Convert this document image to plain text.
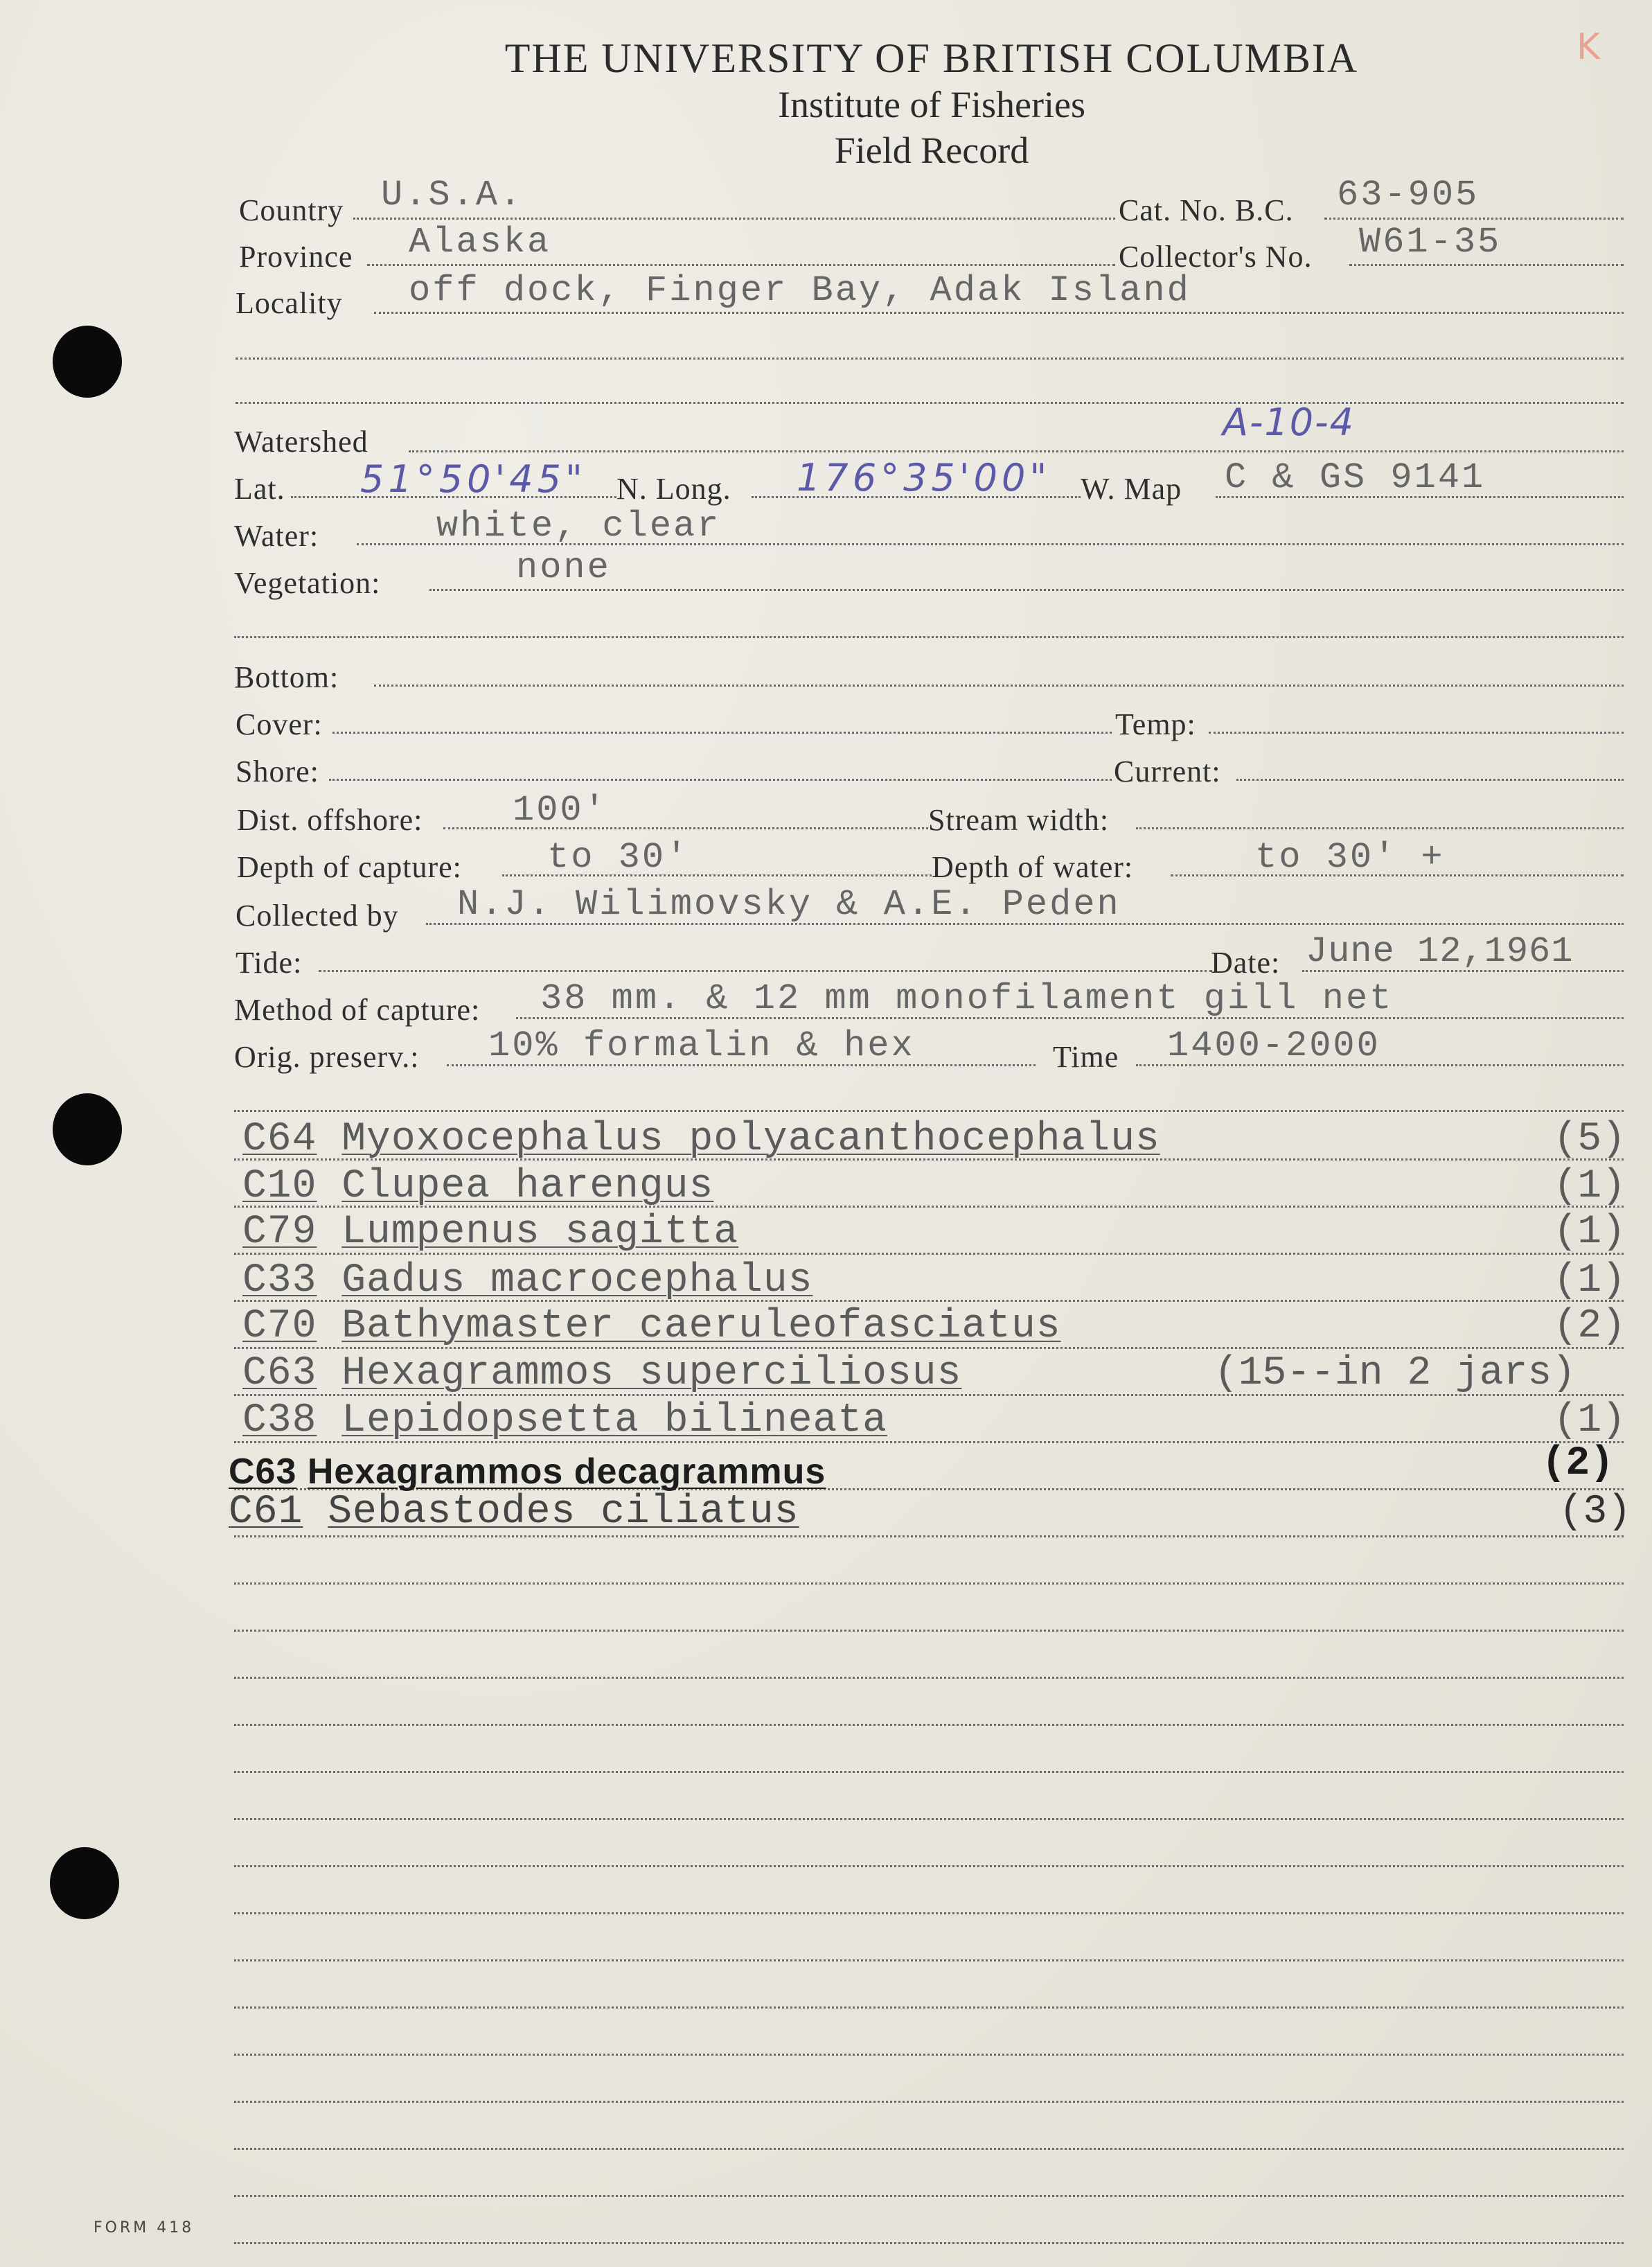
K
THE UNIVERSITY OF BRITISH COLUMBIA
Institute of Fisheries
Field Record
Country U.S.A.	Cat. No. B.C. 63-905
Province Alaska	Collector's No. W61-35
Locality off dock, Finger Bay, Adak Island
Watershed	A-10-4
Lat. 51°50'45" N. Long. 176°35'00" W. Map C & GS 9141
Water:	white, clear
Vegetation:	none
Bottom:
Cover:	Temp:
Shore:	Current:
Dist. offshore: 100'	Stream width:
Depth of capture: to 30'	Depth of water:	to 30' +
Collected by N.J. Wilimovsky & A.E. Peden
Tide:	Date: June 12,1961
Method of capture: 38 mm. & 12 mm monofilament gill net
Orig. preserv.: 10% formalin & hex	Time 1400-2000
C64 Myoxocephalus polyacanthocephalus	(5)
C10 Clupea harengus	(1)
C79 Lumpenus sagitta	(1)
C33 Gadus macrocephalus	(1)
C70 Bathymaster caeruleofasciatus	(2)
C63 Hexagrammos superciliosus	(15--in 2 jars)
C38 Lepidopsetta bilineata	(1)
C63 Hexagrammos decagrammus	(2)
C61 Sebastodes ciliatus	(3)
FORM 418
